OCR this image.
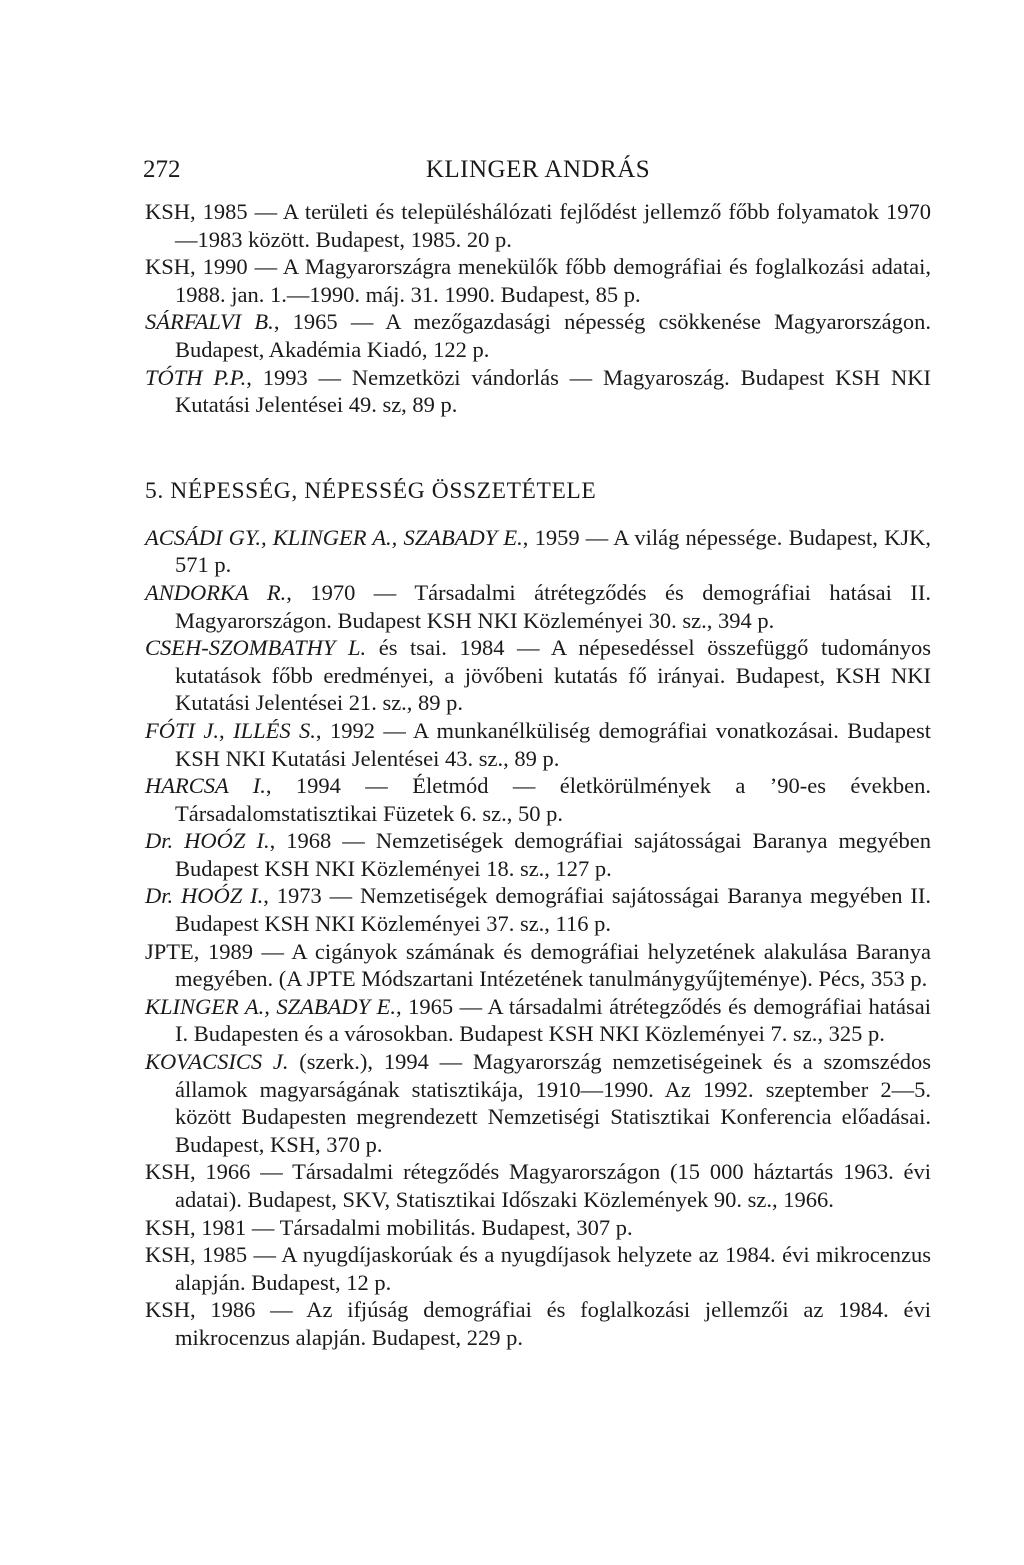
272	KLINGER ANDRÁS

KSH, 1985 — A területi és településhálózati fejlődést jellemző főbb folyamatok 1970—1983 között. Budapest, 1985. 20 p.

KSH, 1990 — A Magyarországra menekülők főbb demográfiai és foglalkozási adatai, 1988. jan. 1.—1990. máj. 31. 1990. Budapest, 85 p.

SÁRFALVI B., 1965 — A mezőgazdasági népesség csökkenése Magyarországon. Budapest, Akadémia Kiadó, 122 p.

TÓTH P.P., 1993 — Nemzetközi vándorlás — Magyaroszág. Budapest KSH NKI Kutatási Jelentései 49. sz, 89 p.

5. NÉPESSÉG, NÉPESSÉG ÖSSZETÉTELE

ACSÁDI GY., KLINGER A., SZABADY E., 1959 — A világ népessége. Budapest, KJK, 571 p.

ANDORKA R., 1970 — Társadalmi átrétegződés és demográfiai hatásai II. Magyarországon. Budapest KSH NKI Közleményei 30. sz., 394 p.

CSEH-SZOMBATHY L. és tsai. 1984 — A népesedéssel összefüggő tudományos kutatások főbb eredményei, a jövőbeni kutatás fő irányai. Budapest, KSH NKI Kutatási Jelentései 21. sz., 89 p.

FÓTI J., ILLÉS S., 1992 — A munkanélküliség demográfiai vonatkozásai. Budapest KSH NKI Kutatási Jelentései 43. sz., 89 p.

HARCSA I., 1994 — Életmód — életkörülmények a ’90-es években. Társadalomstatisztikai Füzetek 6. sz., 50 p.

Dr. HOÓZ I., 1968 — Nemzetiségek demográfiai sajátosságai Baranya megyében Budapest KSH NKI Közleményei 18. sz., 127 p.

Dr. HOÓZ I., 1973 — Nemzetiségek demográfiai sajátosságai Baranya megyében II. Budapest KSH NKI Közleményei 37. sz., 116 p.

JPTE, 1989 — A cigányok számának és demográfiai helyzetének alakulása Baranya megyében. (A JPTE Módszartani Intézetének tanulmánygyűjteménye). Pécs, 353 p.

KLINGER A., SZABADY E., 1965 — A társadalmi átrétegződés és demográfiai hatásai I. Budapesten és a városokban. Budapest KSH NKI Közleményei 7. sz., 325 p.

KOVACSICS J. (szerk.), 1994 — Magyarország nemzetiségeinek és a szomszédos államok magyarságának statisztikája, 1910—1990. Az 1992. szeptember 2—5. között Budapesten megrendezett Nemzetiségi Statisztikai Konferencia előadásai. Budapest, KSH, 370 p.

KSH, 1966 — Társadalmi rétegződés Magyarországon (15 000 háztartás 1963. évi adatai). Budapest, SKV, Statisztikai Időszaki Közlemények 90. sz., 1966.

KSH, 1981 — Társadalmi mobilitás. Budapest, 307 p.

KSH, 1985 — A nyugdíjaskorúak és a nyugdíjasok helyzete az 1984. évi mikrocenzus alapján. Budapest, 12 p.

KSH, 1986 — Az ifjúság demográfiai és foglalkozási jellemzői az 1984. évi mikrocenzus alapján. Budapest, 229 p.
